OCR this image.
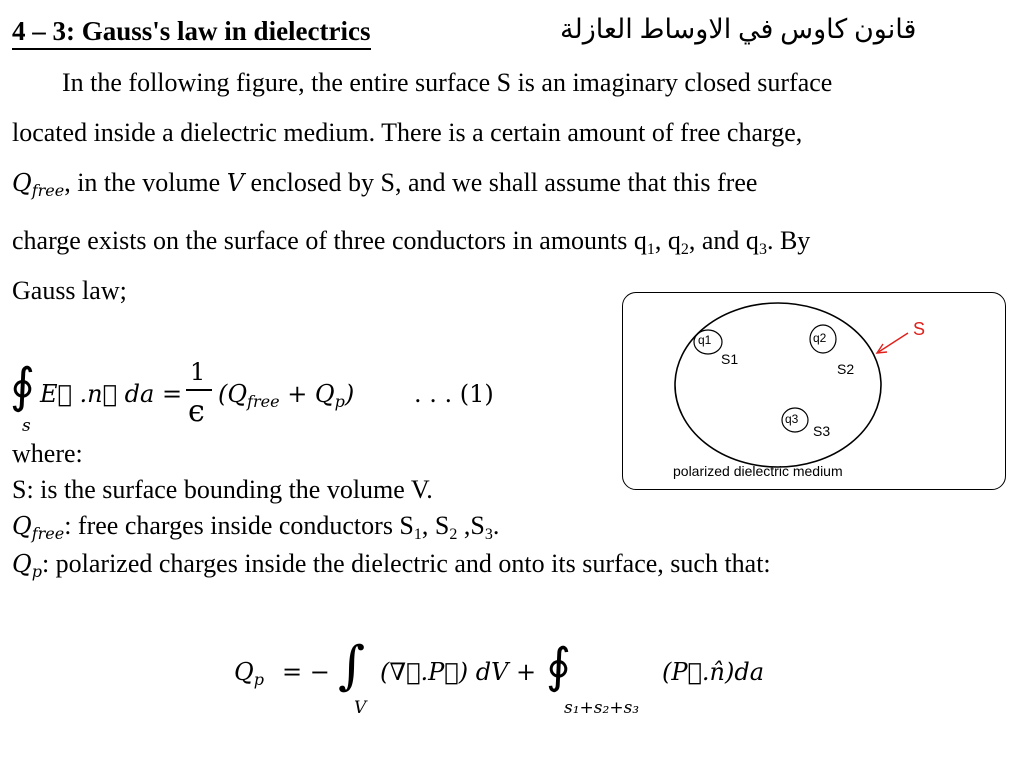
4 – 3: Gauss's law in dielectrics	قانون كاوس في الاوساط العازلة

In the following figure, the entire surface S is an imaginary closed surface

located inside a dielectric medium. There is a certain amount of free charge,

Qfree, in the volume V enclosed by S, and we shall assume that this free

charge exists on the surface of three conductors in amounts $q_1$, $q_2$, and $q_3$. By

Gauss law;

∮
s
E⃗ .n⃗ da =
1
ϵ $(Q_{free} + Q_p)$ . . . (1)
where:
S: is the surface bounding the volume V.
Qfree: free charges inside conductors $S_1$, $S_2$ $,S_3$.
Qp: polarized charges inside the dielectric and onto its surface, such that:
$Q_p$ = − ∫
V
(∇⃗.P⃗) dV + ∮
s₁+s₂+s₃
(P⃗.n̂)da
S
q1
S1
q2
S2
q3
S3
polarized dielectric medium
